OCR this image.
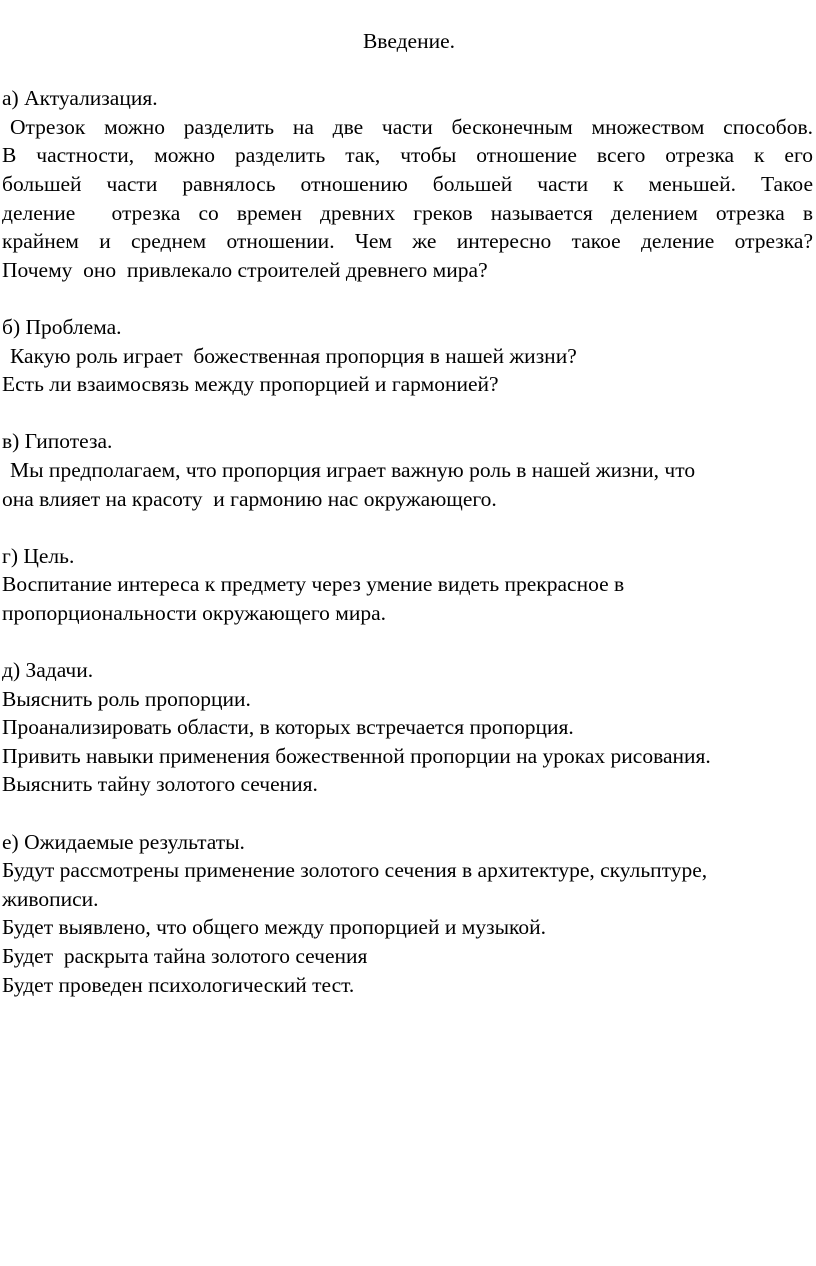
Введение.

а) Актуализация.

Отрезок можно разделить на две части бесконечным множеством способов.

В частности, можно разделить так, чтобы отношение всего отрезка к его

большей части равнялось отношению большей части к меньшей. Такое

деление  отрезка со времен древних греков называется делением отрезка в

крайнем и среднем отношении. Чем же интересно такое деление отрезка?

Почему  оно  привлекало строителей древнего мира?

б) Проблема.

Какую роль играет  божественная пропорция в нашей жизни?

Есть ли взаимосвязь между пропорцией и гармонией?

в) Гипотеза.

Мы предполагаем, что пропорция играет важную роль в нашей жизни, что

она влияет на красоту  и гармонию нас окружающего.

г) Цель.

Воспитание интереса к предмету через умение видеть прекрасное в

пропорциональности окружающего мира.

д) Задачи.

Выяснить роль пропорции.

Проанализировать области, в которых встречается пропорция.

Привить навыки применения божественной пропорции на уроках рисования.

Выяснить тайну золотого сечения.

е) Ожидаемые результаты.

Будут рассмотрены применение золотого сечения в архитектуре, скульптуре,

живописи.

Будет выявлено, что общего между пропорцией и музыкой.

Будет  раскрыта тайна золотого сечения

Будет проведен психологический тест.
